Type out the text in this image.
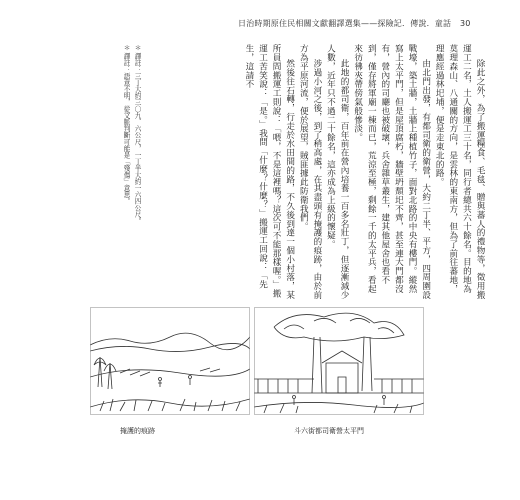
日治時期原住民相關文獻翻譯選集——探險記．傳說．童話 30

除此之外，為了搬運糧食、毛毯、贈與蕃人的禮物等，徵用搬運工二名，土人搬運工三十名，同行者總共六十餘名。目的地為莫理森山、八通關的方向，是雲林的東南方，但為了前往蕃地，理應經過林圯埔，便是走東北的路。

由北門出發，有都司衛的衛營，大約二丁半、平方，四周圍設戰壕，築土牆，土牆上種植竹子，面對北路的中央有樓門。縱然寫上太平門，但是屋頂腐朽，牆壁坍頹圯不齊，甚至連大門都沒有，營內的司廳也被破壞，兵舍雜草叢生，建其他屋舍也看不到，僅存將軍廟一棟而已，荒涼至極，剩餘一千的太平兵，看起來彷彿夾帶傍氣般慘淡。

此地的都司衛，百年前在營內培養一百多名壯丁，但逐漸減少人數，近年只不過二十餘名，這亦成為上級的懷疑。

涉過小河之後，到了稍高處，在其盡頭有掩護的痕跡，由於前方為平原河流，便於展望，賊匪據此防衛我們。

然後往石轉，行走於水田間的路，不久後到達一個小村落，某所員問搬運工則說：「喂，不是這裡嗎？這次可不能那樣喔。」搬運工苦笑說：「是。」我問「什麼？什麼？」搬運工回說：「先生，這請不

＊ 譯註：三丁大約三〇九．六公尺，一丁半大約一六四公尺。
＊ 譯註：語意不明，從文脈判斷可能是「殘傷」意思。
掩護的痕跡	斗六街都司衛營太平門
